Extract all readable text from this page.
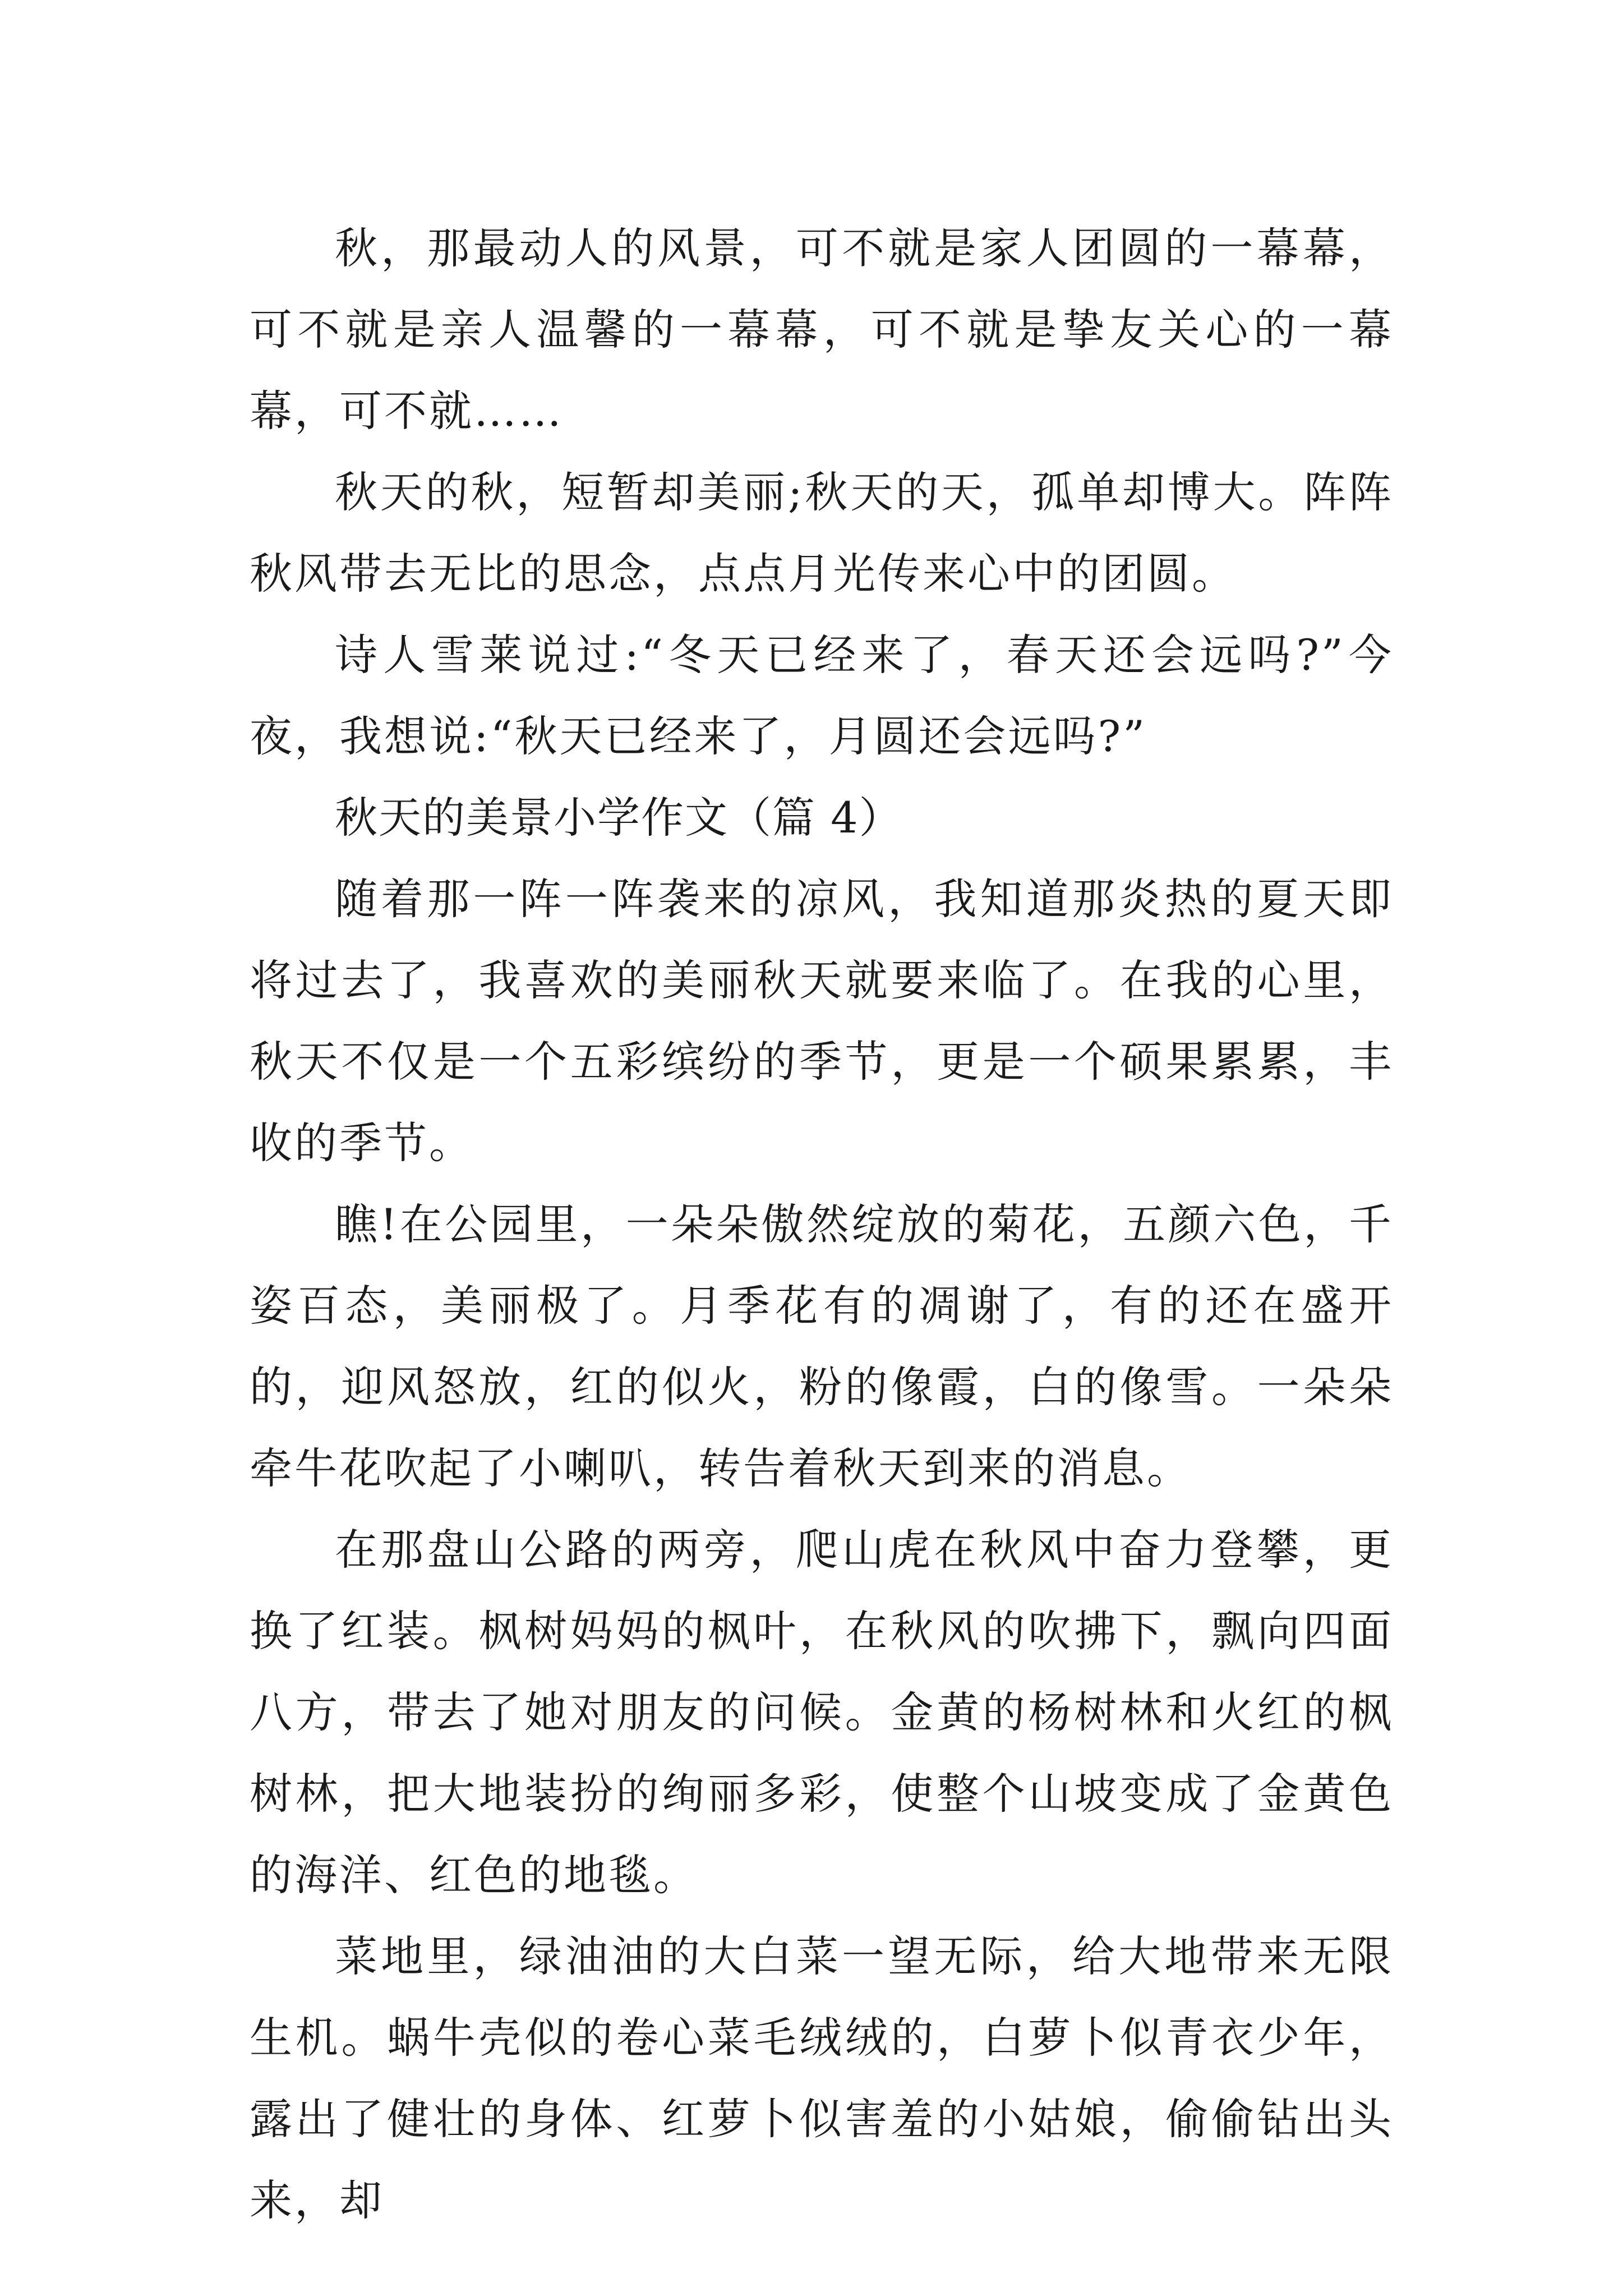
秋，那最动人的风景，可不就是家人团圆的一幕幕，可不就是亲人温馨的一幕幕，可不就是挚友关心的一幕幕，可不就……

秋天的秋，短暂却美丽;秋天的天，孤单却博大。阵阵秋风带去无比的思念，点点月光传来心中的团圆。

诗人雪莱说过:“冬天已经来了，春天还会远吗?”今夜，我想说:“秋天已经来了，月圆还会远吗?”

秋天的美景小学作文（篇 4）

随着那一阵一阵袭来的凉风，我知道那炎热的夏天即将过去了，我喜欢的美丽秋天就要来临了。在我的心里，秋天不仅是一个五彩缤纷的季节，更是一个硕果累累，丰收的季节。

瞧!在公园里，一朵朵傲然绽放的菊花，五颜六色，千姿百态，美丽极了。月季花有的凋谢了，有的还在盛开的，迎风怒放，红的似火，粉的像霞，白的像雪。一朵朵牵牛花吹起了小喇叭，转告着秋天到来的消息。

在那盘山公路的两旁，爬山虎在秋风中奋力登攀，更换了红装。枫树妈妈的枫叶，在秋风的吹拂下，飘向四面八方，带去了她对朋友的问候。金黄的杨树林和火红的枫树林，把大地装扮的绚丽多彩，使整个山坡变成了金黄色的海洋、红色的地毯。

菜地里，绿油油的大白菜一望无际，给大地带来无限生机。蜗牛壳似的卷心菜毛绒绒的，白萝卜似青衣少年，露出了健壮的身体、红萝卜似害羞的小姑娘，偷偷钻出头来，却
